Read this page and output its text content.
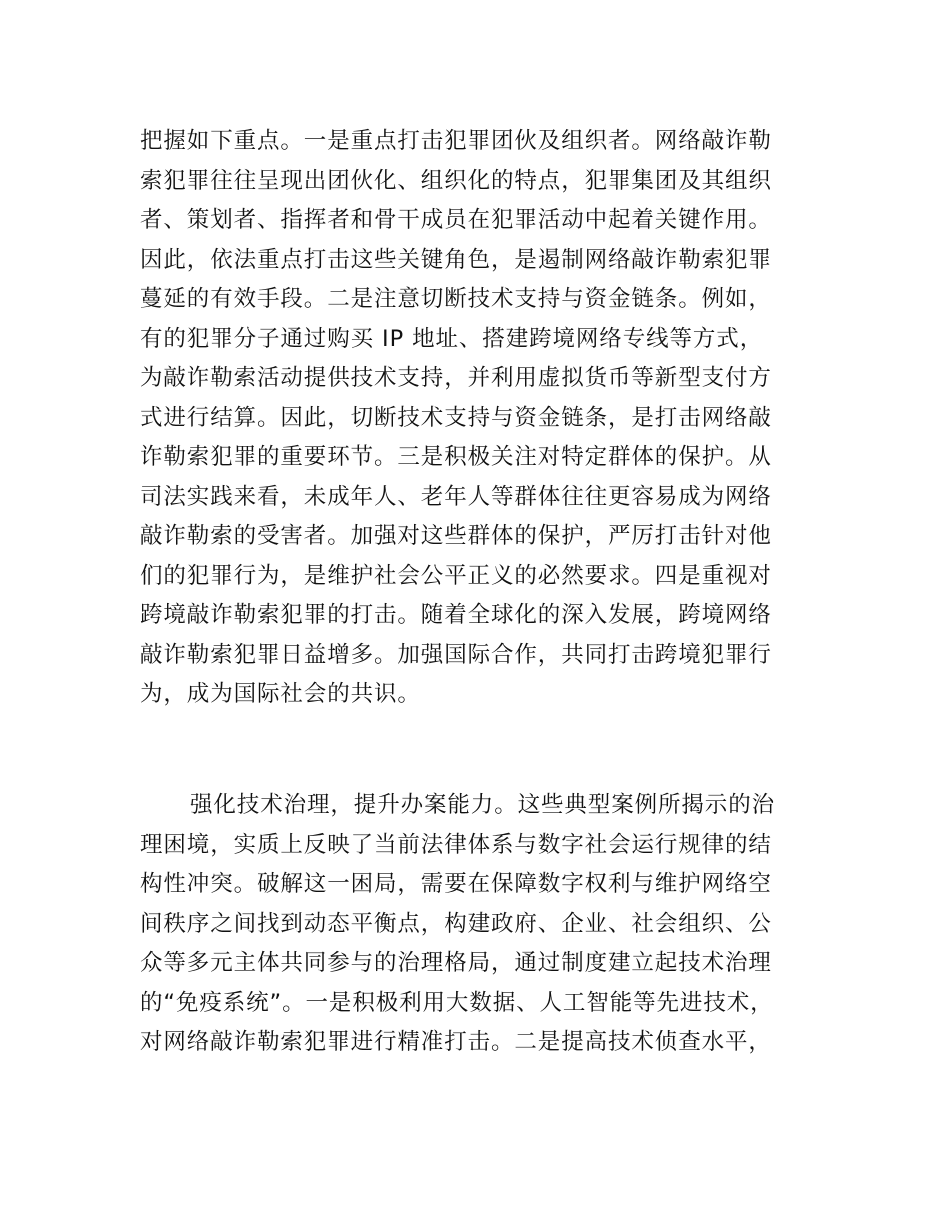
把握如下重点。一是重点打击犯罪团伙及组织者。网络敲诈勒
索犯罪往往呈现出团伙化、组织化的特点，犯罪集团及其组织
者、策划者、指挥者和骨干成员在犯罪活动中起着关键作用。
因此，依法重点打击这些关键角色，是遏制网络敲诈勒索犯罪
蔓延的有效手段。二是注意切断技术支持与资金链条。例如，
有的犯罪分子通过购买 IP 地址、搭建跨境网络专线等方式，
为敲诈勒索活动提供技术支持，并利用虚拟货币等新型支付方
式进行结算。因此，切断技术支持与资金链条，是打击网络敲
诈勒索犯罪的重要环节。三是积极关注对特定群体的保护。从
司法实践来看，未成年人、老年人等群体往往更容易成为网络
敲诈勒索的受害者。加强对这些群体的保护，严厉打击针对他
们的犯罪行为，是维护社会公平正义的必然要求。四是重视对
跨境敲诈勒索犯罪的打击。随着全球化的深入发展，跨境网络
敲诈勒索犯罪日益增多。加强国际合作，共同打击跨境犯罪行
为，成为国际社会的共识。
强化技术治理，提升办案能力。这些典型案例所揭示的治
理困境，实质上反映了当前法律体系与数字社会运行规律的结
构性冲突。破解这一困局，需要在保障数字权利与维护网络空
间秩序之间找到动态平衡点，构建政府、企业、社会组织、公
众等多元主体共同参与的治理格局，通过制度建立起技术治理
的“免疫系统”。一是积极利用大数据、人工智能等先进技术，
对网络敲诈勒索犯罪进行精准打击。二是提高技术侦查水平，
